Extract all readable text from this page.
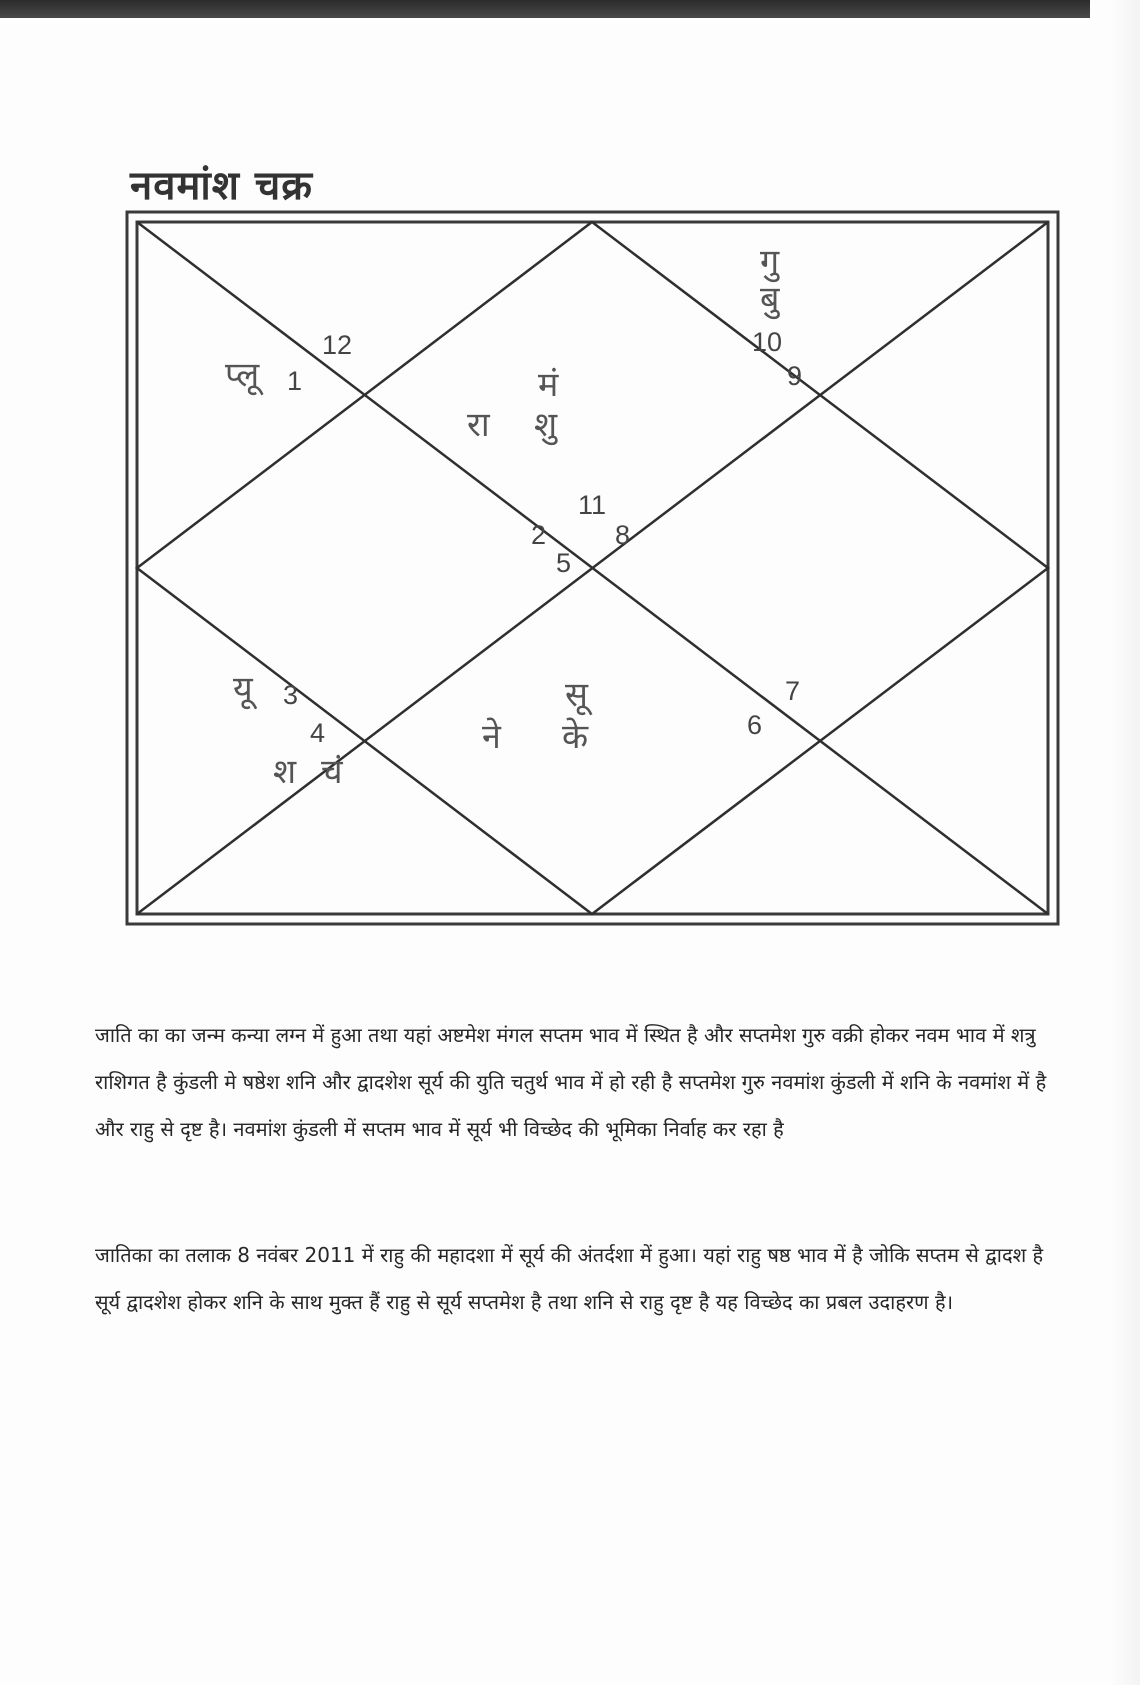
नवमांश चक्र
12
1
10
9
11
2	8
5
3
4
7
6
प्लू	मं
रा शु
गु
बु
यू
श चं
सू
ने के

जाति का का जन्म कन्या लग्न में हुआ तथा यहां अष्टमेश मंगल सप्तम भाव में स्थित है और सप्तमेश गुरु वक्री होकर नवम भाव में शत्रु राशिगत है कुंडली मे षष्ठेश शनि और द्वादशेश सूर्य की युति चतुर्थ भाव में हो रही है सप्तमेश गुरु नवमांश कुंडली में शनि के नवमांश में है और राहु से दृष्ट है। नवमांश कुंडली में सप्तम भाव में सूर्य भी विच्छेद की भूमिका निर्वाह कर रहा है

जातिका का तलाक 8 नवंबर 2011 में राहु की महादशा में सूर्य की अंतर्दशा में हुआ। यहां राहु षष्ठ भाव में है जोकि सप्तम से द्वादश है सूर्य द्वादशेश होकर शनि के साथ मुक्त हैं राहु से सूर्य सप्तमेश है तथा शनि से राहु दृष्ट है यह विच्छेद का प्रबल उदाहरण है।
